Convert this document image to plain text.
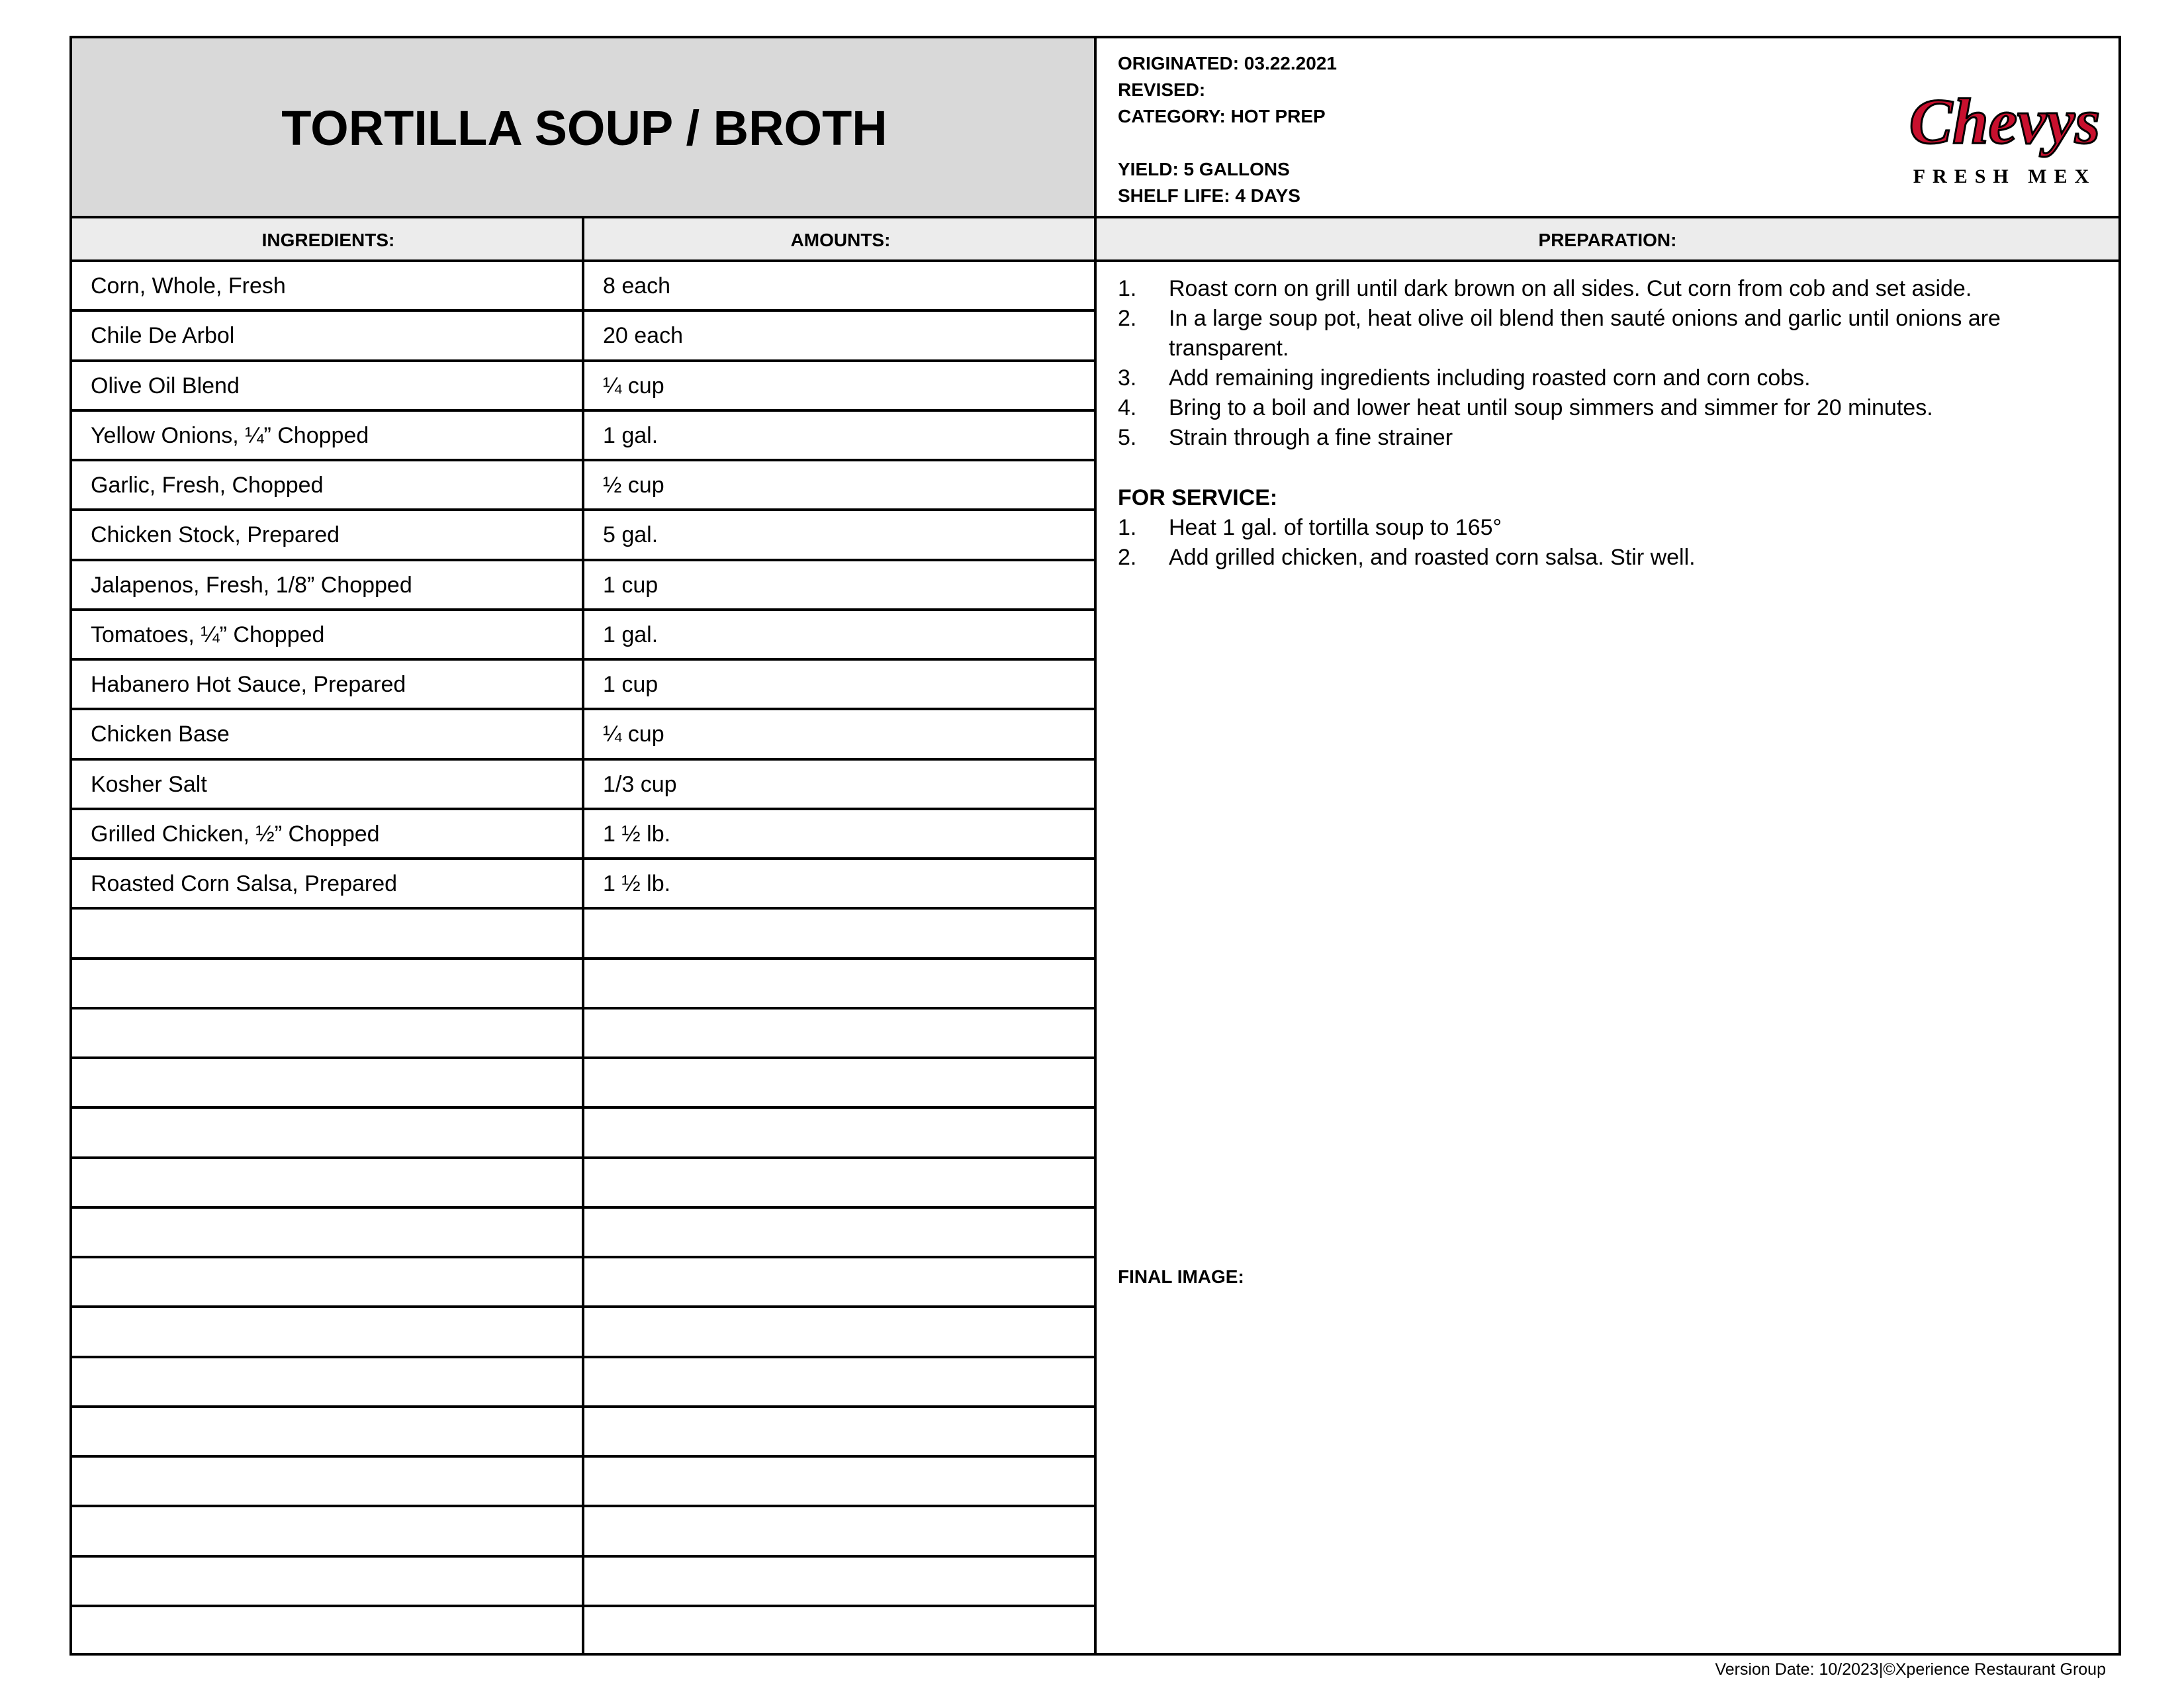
TORTILLA SOUP / BROTH
ORIGINATED: 03.22.2021
REVISED:
CATEGORY: HOT PREP
YIELD: 5 GALLONS
SHELF LIFE: 4 DAYS
Chevys
FRESH MEX
INGREDIENTS:	AMOUNTS:	PREPARATION:
1. Roast corn on grill until dark brown on all sides. Cut corn from cob and set aside.
2. In a large soup pot, heat olive oil blend then sauté onions and garlic until onions are transparent.
3. Add remaining ingredients including roasted corn and corn cobs.
4. Bring to a boil and lower heat until soup simmers and simmer for 20 minutes.
5. Strain through a fine strainer
FOR SERVICE:
1. Heat 1 gal. of tortilla soup to 165°
2. Add grilled chicken, and roasted corn salsa. Stir well.
FINAL IMAGE:
Corn, Whole, Fresh	8 each
Chile De Arbol	20 each
Olive Oil Blend	¼ cup
Yellow Onions, ¼” Chopped	1 gal.
Garlic, Fresh, Chopped	½ cup
Chicken Stock, Prepared	5 gal.
Jalapenos, Fresh, 1/8” Chopped	1 cup
Tomatoes, ¼” Chopped	1 gal.
Habanero Hot Sauce, Prepared	1 cup
Chicken Base	¼ cup
Kosher Salt	1/3 cup
Grilled Chicken, ½” Chopped	1 ½ lb.
Roasted Corn Salsa, Prepared	1 ½ lb.
Version Date: 10/2023|©Xperience Restaurant Group
